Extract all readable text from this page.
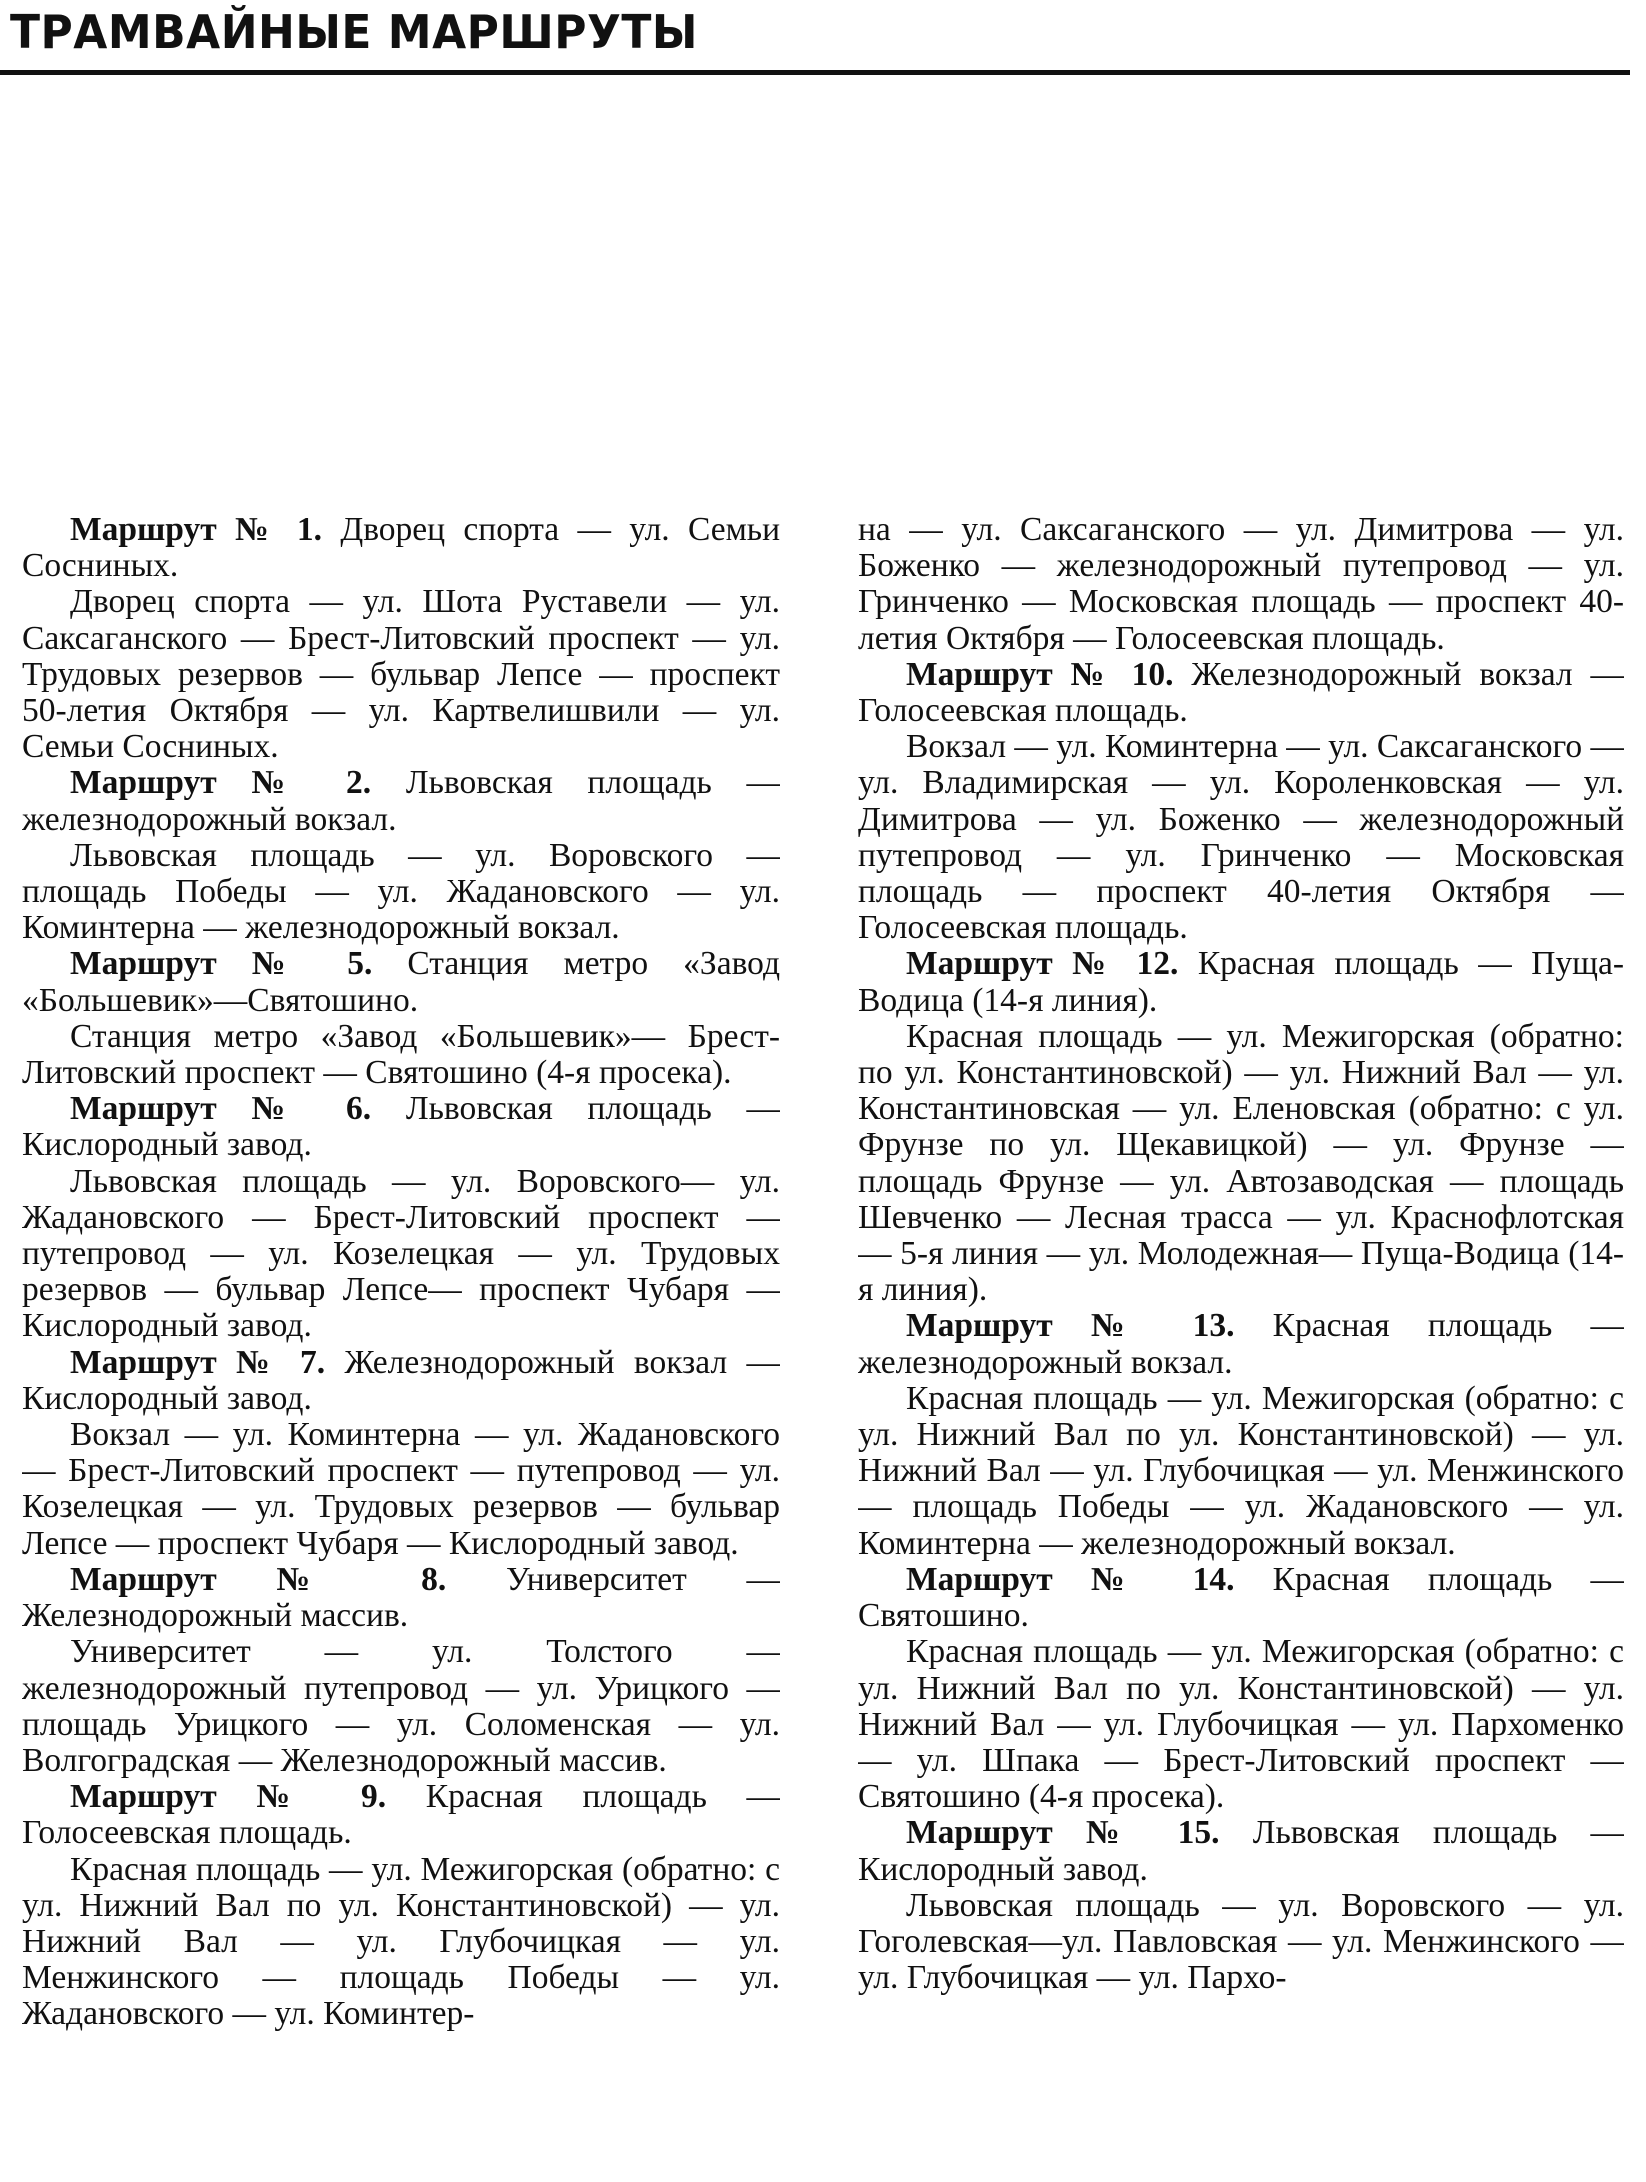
ТРАМВАЙНЫЕ МАРШРУТЫ

Маршрут № 1. Дворец спорта — ул. Семьи Сосниных.

Дворец спорта — ул. Шота Руставели — ул. Саксаганского — Брест-Литовский проспект — ул. Трудовых резервов — бульвар Лепсе — проспект 50-летия Октября — ул. Картвелишвили — ул. Семьи Сосниных.

Маршрут № 2. Львовская площадь — железнодорожный вокзал.

Львовская площадь — ул. Воровского — площадь Победы — ул. Жадановского — ул. Коминтерна — железнодорожный вокзал.

Маршрут № 5. Станция метро «Завод «Большевик»—Святошино.

Станция метро «Завод «Большевик»— Брест-Литовский проспект — Святошино (4-я просека).

Маршрут № 6. Львовская площадь — Кислородный завод.

Львовская площадь — ул. Воровского— ул. Жадановского — Брест-Литовский проспект — путепровод — ул. Козелецкая — ул. Трудовых резервов — бульвар Лепсе— проспект Чубаря — Кислородный завод.

Маршрут № 7. Железнодорожный вокзал — Кислородный завод.

Вокзал — ул. Коминтерна — ул. Жадановского — Брест-Литовский проспект — путепровод — ул. Козелецкая — ул. Трудовых резервов — бульвар Лепсе — проспект Чубаря — Кислородный завод.

Маршрут № 8. Университет — Железнодорожный массив.

Университет — ул. Толстого — железнодорожный путепровод — ул. Урицкого — площадь Урицкого — ул. Соломенская — ул. Волгоградская — Железнодорожный массив.

Маршрут № 9. Красная площадь — Голосеевская площадь.

Красная площадь — ул. Межигорская (обратно: с ул. Нижний Вал по ул. Константиновской) — ул. Нижний Вал — ул. Глубочицкая — ул. Менжинского — площадь Победы — ул. Жадановского — ул. Коминтер-

на — ул. Саксаганского — ул. Димитрова — ул. Боженко — железнодорожный путепровод — ул. Гринченко — Московская площадь — проспект 40-летия Октября — Голосеевская площадь.

Маршрут № 10. Железнодорожный вокзал — Голосеевская площадь.

Вокзал — ул. Коминтерна — ул. Саксаганского — ул. Владимирская — ул. Короленковская — ул. Димитрова — ул. Боженко — железнодорожный путепровод — ул. Гринченко — Московская площадь — проспект 40-летия Октября — Голосеевская площадь.

Маршрут № 12. Красная площадь — Пуща-Водица (14-я линия).

Красная площадь — ул. Межигорская (обратно: по ул. Константиновской) — ул. Нижний Вал — ул. Константиновская — ул. Еленовская (обратно: с ул. Фрунзе по ул. Щекавицкой) — ул. Фрунзе — площадь Фрунзе — ул. Автозаводская — площадь Шевченко — Лесная трасса — ул. Краснофлотская — 5-я линия — ул. Молодежная— Пуща-Водица (14-я линия).

Маршрут № 13. Красная площадь — железнодорожный вокзал.

Красная площадь — ул. Межигорская (обратно: с ул. Нижний Вал по ул. Константиновской) — ул. Нижний Вал — ул. Глубочицкая — ул. Менжинского — площадь Победы — ул. Жадановского — ул. Коминтерна — железнодорожный вокзал.

Маршрут № 14. Красная площадь — Святошино.

Красная площадь — ул. Межигорская (обратно: с ул. Нижний Вал по ул. Константиновской) — ул. Нижний Вал — ул. Глубочицкая — ул. Пархоменко — ул. Шпака — Брест-Литовский проспект — Святошино (4-я просека).

Маршрут № 15. Львовская площадь — Кислородный завод.

Львовская площадь — ул. Воровского — ул. Гоголевская—ул. Павловская — ул. Менжинского — ул. Глубочицкая — ул. Пархо-
